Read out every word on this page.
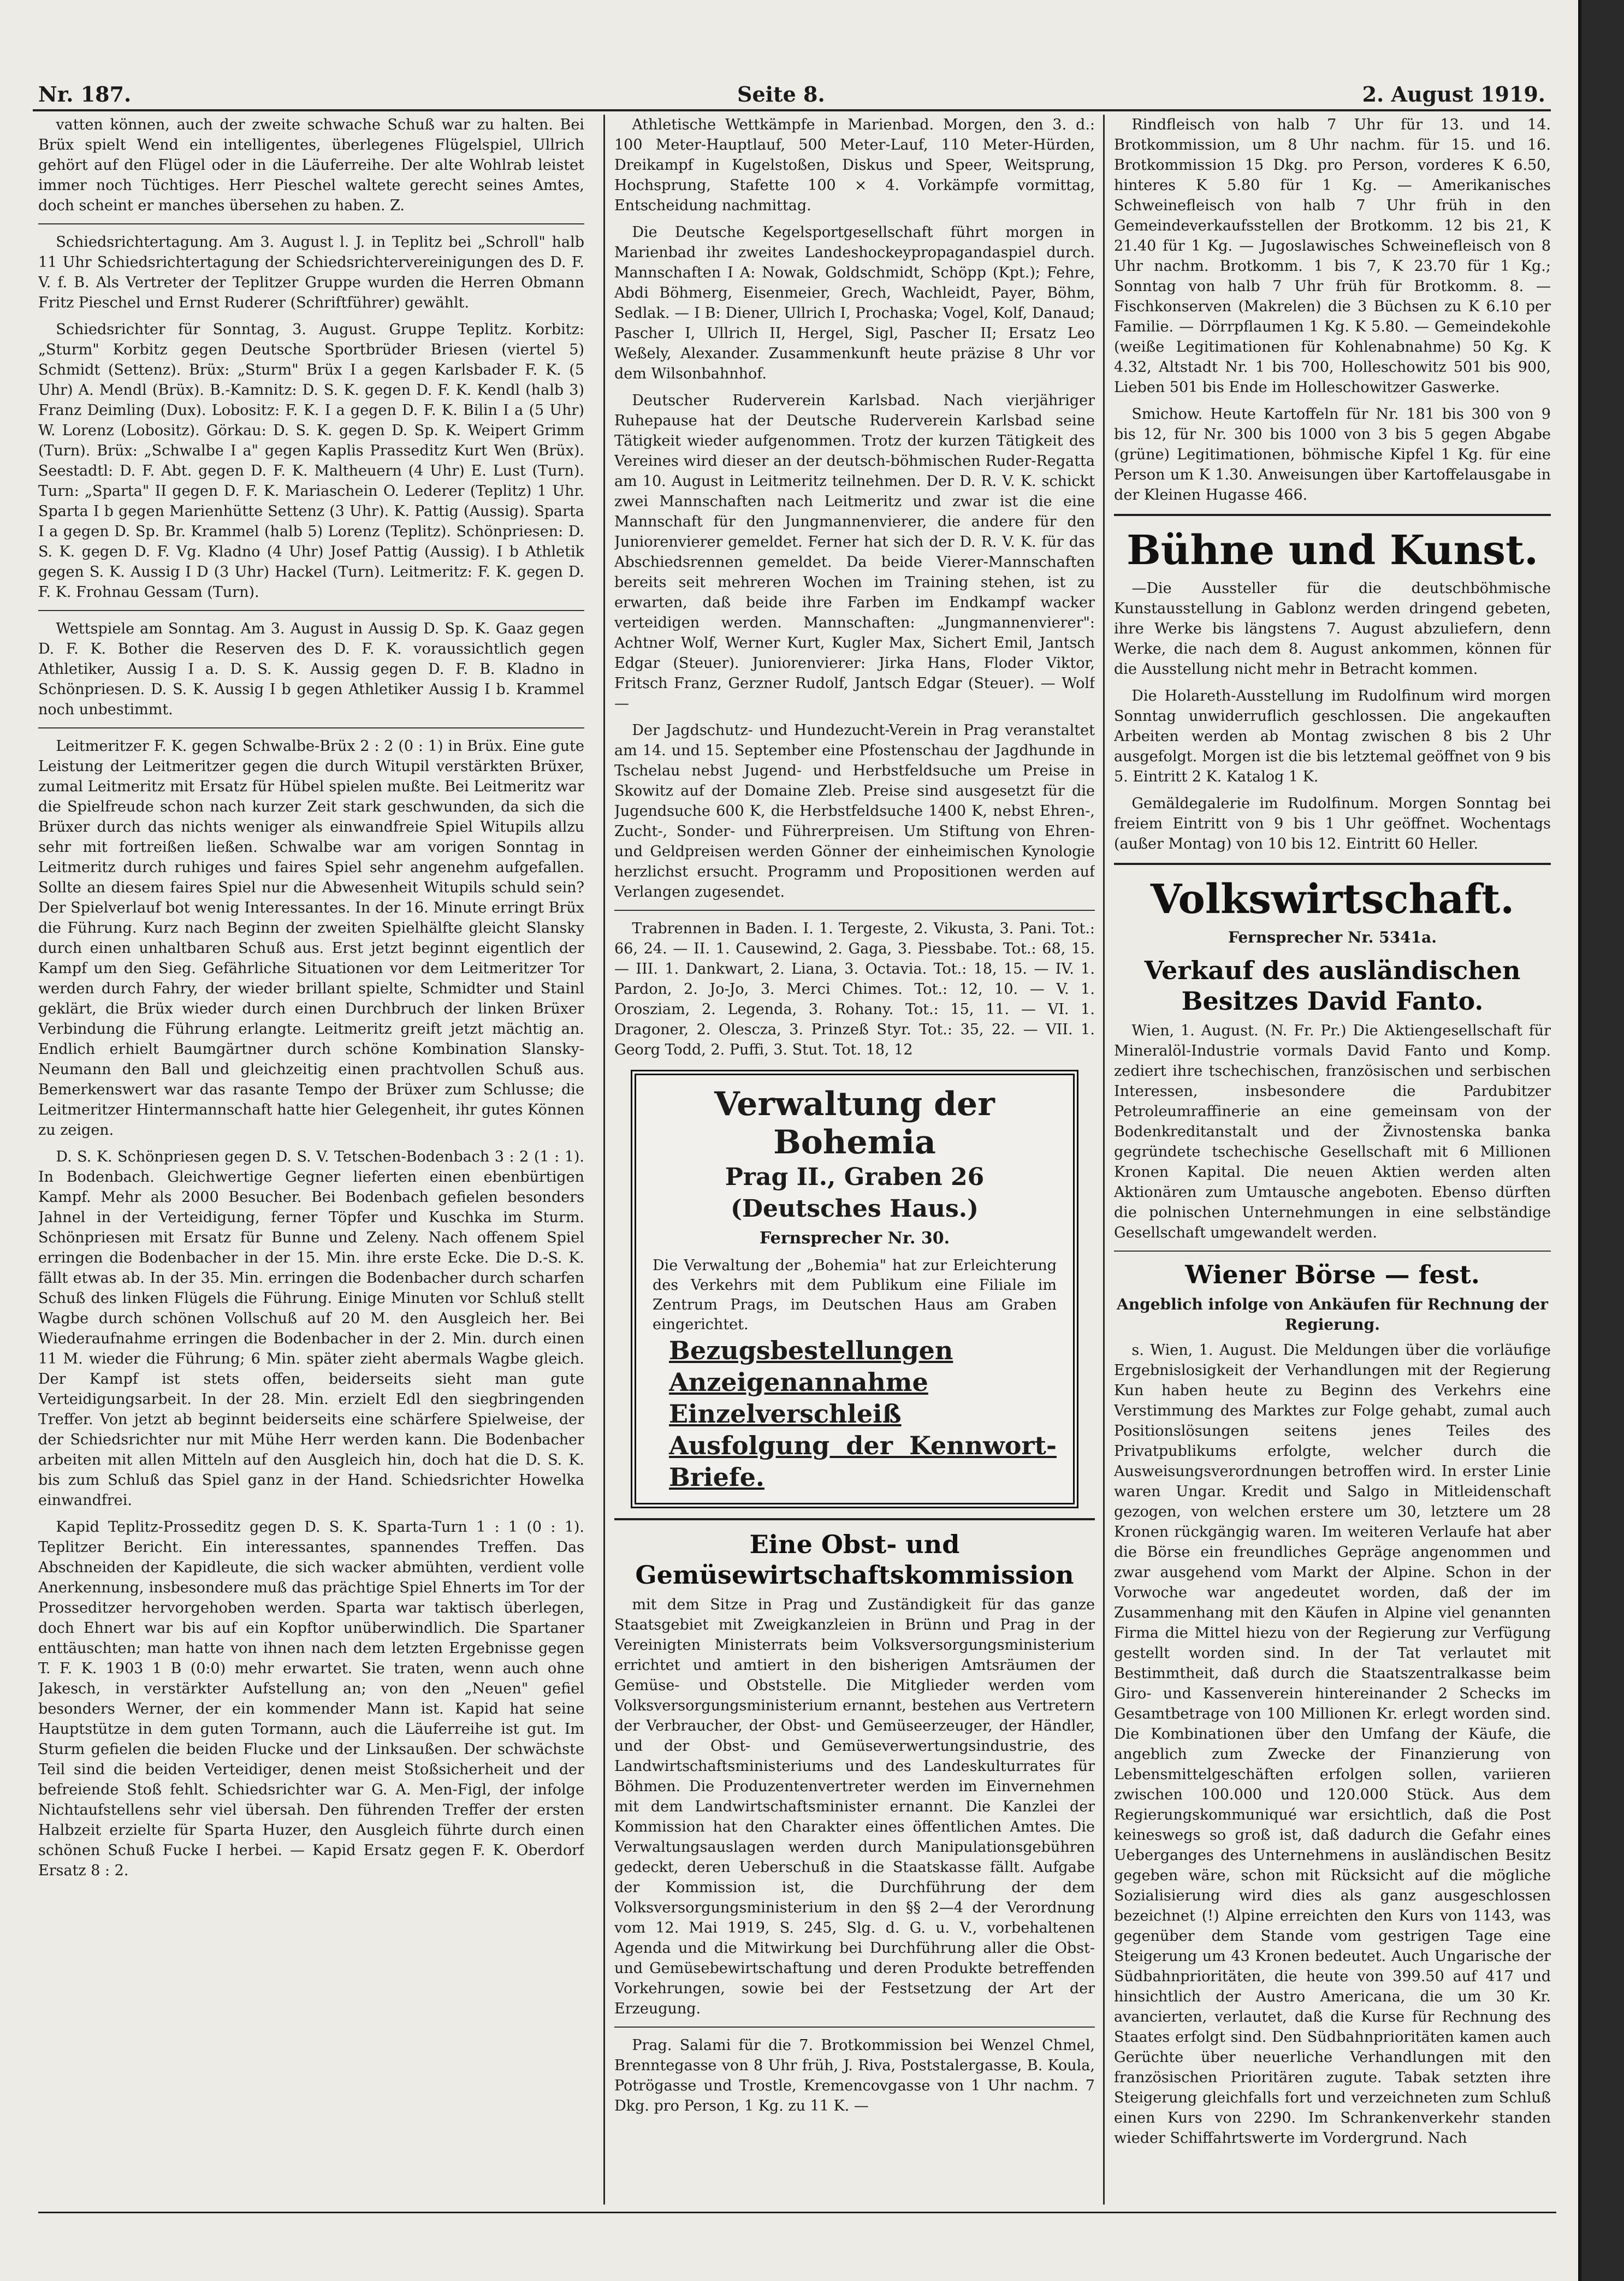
Nr. 187.	Seite 8.	2. August 1919.

vatten können, auch der zweite schwache Schuß war zu halten. Bei Brüx spielt Wend ein intelligentes, überlegenes Flügelspiel, Ullrich gehört auf den Flügel oder in die Läuferreihe. Der alte Wohlrab leistet immer noch Tüchtiges. Herr Pieschel waltete gerecht seines Amtes, doch scheint er manches übersehen zu haben. Z.

Schiedsrichtertagung. Am 3. August l. J. in Teplitz bei „Schroll" halb 11 Uhr Schiedsrichtertagung der Schiedsrichtervereinigungen des D. F. V. f. B. Als Vertreter der Teplitzer Gruppe wurden die Herren Obmann Fritz Pieschel und Ernst Ruderer (Schriftführer) gewählt.

Schiedsrichter für Sonntag, 3. August. Gruppe Teplitz. Korbitz: „Sturm" Korbitz gegen Deutsche Sportbrüder Briesen (viertel 5) Schmidt (Settenz). Brüx: „Sturm" Brüx I a gegen Karlsbader F. K. (5 Uhr) A. Mendl (Brüx). B.-Kamnitz: D. S. K. gegen D. F. K. Kendl (halb 3) Franz Deimling (Dux). Lobositz: F. K. I a gegen D. F. K. Bilin I a (5 Uhr) W. Lorenz (Lobositz). Görkau: D. S. K. gegen D. Sp. K. Weipert Grimm (Turn). Brüx: „Schwalbe I a" gegen Kaplis Prasseditz Kurt Wen (Brüx). Seestadtl: D. F. Abt. gegen D. F. K. Maltheuern (4 Uhr) E. Lust (Turn). Turn: „Sparta" II gegen D. F. K. Mariaschein O. Lederer (Teplitz) 1 Uhr. Sparta I b gegen Marienhütte Settenz (3 Uhr). K. Pattig (Aussig). Sparta I a gegen D. Sp. Br. Krammel (halb 5) Lorenz (Teplitz). Schönpriesen: D. S. K. gegen D. F. Vg. Kladno (4 Uhr) Josef Pattig (Aussig). I b Athletik gegen S. K. Aussig I D (3 Uhr) Hackel (Turn). Leitmeritz: F. K. gegen D. F. K. Frohnau Gessam (Turn).

Wettspiele am Sonntag. Am 3. August in Aussig D. Sp. K. Gaaz gegen D. F. K. Bother die Reserven des D. F. K. voraussichtlich gegen Athletiker, Aussig I a. D. S. K. Aussig gegen D. F. B. Kladno in Schönpriesen. D. S. K. Aussig I b gegen Athletiker Aussig I b. Krammel noch unbestimmt.

Leitmeritzer F. K. gegen Schwalbe-Brüx 2 : 2 (0 : 1) in Brüx. Eine gute Leistung der Leitmeritzer gegen die durch Witupil verstärkten Brüxer, zumal Leitmeritz mit Ersatz für Hübel spielen mußte. Bei Leitmeritz war die Spielfreude schon nach kurzer Zeit stark geschwunden, da sich die Brüxer durch das nichts weniger als einwandfreie Spiel Witupils allzu sehr mit fortreißen ließen. Schwalbe war am vorigen Sonntag in Leitmeritz durch ruhiges und faires Spiel sehr angenehm aufgefallen. Sollte an diesem faires Spiel nur die Abwesenheit Witupils schuld sein? Der Spielverlauf bot wenig Interessantes. In der 16. Minute erringt Brüx die Führung. Kurz nach Beginn der zweiten Spielhälfte gleicht Slansky durch einen unhaltbaren Schuß aus. Erst jetzt beginnt eigentlich der Kampf um den Sieg. Gefährliche Situationen vor dem Leitmeritzer Tor werden durch Fahry, der wieder brillant spielte, Schmidter und Stainl geklärt, die Brüx wieder durch einen Durchbruch der linken Brüxer Verbindung die Führung erlangte. Leitmeritz greift jetzt mächtig an. Endlich erhielt Baumgärtner durch schöne Kombination Slansky-Neumann den Ball und gleichzeitig einen prachtvollen Schuß aus. Bemerkenswert war das rasante Tempo der Brüxer zum Schlusse; die Leitmeritzer Hintermannschaft hatte hier Gelegenheit, ihr gutes Können zu zeigen.

D. S. K. Schönpriesen gegen D. S. V. Tetschen-Bodenbach 3 : 2 (1 : 1). In Bodenbach. Gleichwertige Gegner lieferten einen ebenbürtigen Kampf. Mehr als 2000 Besucher. Bei Bodenbach gefielen besonders Jahnel in der Verteidigung, ferner Töpfer und Kuschka im Sturm. Schönpriesen mit Ersatz für Bunne und Zeleny. Nach offenem Spiel erringen die Bodenbacher in der 15. Min. ihre erste Ecke. Die D.-S. K. fällt etwas ab. In der 35. Min. erringen die Bodenbacher durch scharfen Schuß des linken Flügels die Führung. Einige Minuten vor Schluß stellt Wagbe durch schönen Vollschuß auf 20 M. den Ausgleich her. Bei Wiederaufnahme erringen die Bodenbacher in der 2. Min. durch einen 11 M. wieder die Führung; 6 Min. später zieht abermals Wagbe gleich. Der Kampf ist stets offen, beiderseits sieht man gute Verteidigungsarbeit. In der 28. Min. erzielt Edl den siegbringenden Treffer. Von jetzt ab beginnt beiderseits eine schärfere Spielweise, der der Schiedsrichter nur mit Mühe Herr werden kann. Die Bodenbacher arbeiten mit allen Mitteln auf den Ausgleich hin, doch hat die D. S. K. bis zum Schluß das Spiel ganz in der Hand. Schiedsrichter Howelka einwandfrei.

Kapid Teplitz-Prosseditz gegen D. S. K. Sparta-Turn 1 : 1 (0 : 1). Teplitzer Bericht. Ein interessantes, spannendes Treffen. Das Abschneiden der Kapidleute, die sich wacker abmühten, verdient volle Anerkennung, insbesondere muß das prächtige Spiel Ehnerts im Tor der Prosseditzer hervorgehoben werden. Sparta war taktisch überlegen, doch Ehnert war bis auf ein Kopftor unüberwindlich. Die Spartaner enttäuschten; man hatte von ihnen nach dem letzten Ergebnisse gegen T. F. K. 1903 1 B (0:0) mehr erwartet. Sie traten, wenn auch ohne Jakesch, in verstärkter Aufstellung an; von den „Neuen" gefiel besonders Werner, der ein kommender Mann ist. Kapid hat seine Hauptstütze in dem guten Tormann, auch die Läuferreihe ist gut. Im Sturm gefielen die beiden Flucke und der Linksaußen. Der schwächste Teil sind die beiden Verteidiger, denen meist Stoßsicherheit und der befreiende Stoß fehlt. Schiedsrichter war G. A. Men-Figl, der infolge Nichtaufstellens sehr viel übersah. Den führenden Treffer der ersten Halbzeit erzielte für Sparta Huzer, den Ausgleich führte durch einen schönen Schuß Fucke I herbei. — Kapid Ersatz gegen F. K. Oberdorf Ersatz 8 : 2.

Athletische Wettkämpfe in Marienbad. Morgen, den 3. d.: 100 Meter-Hauptlauf, 500 Meter-Lauf, 110 Meter-Hürden, Dreikampf in Kugelstoßen, Diskus und Speer, Weitsprung, Hochsprung, Stafette 100 × 4. Vorkämpfe vormittag, Entscheidung nachmittag.

Die Deutsche Kegelsportgesellschaft führt morgen in Marienbad ihr zweites Landeshockeypropagandaspiel durch. Mannschaften I A: Nowak, Goldschmidt, Schöpp (Kpt.); Fehre, Abdi Böhmerg, Eisenmeier, Grech, Wachleidt, Payer, Böhm, Sedlak. — I B: Diener, Ullrich I, Prochaska; Vogel, Kolf, Danaud; Pascher I, Ullrich II, Hergel, Sigl, Pascher II; Ersatz Leo Weßely, Alexander. Zusammenkunft heute präzise 8 Uhr vor dem Wilsonbahnhof.

Deutscher Ruderverein Karlsbad. Nach vierjähriger Ruhepause hat der Deutsche Ruderverein Karlsbad seine Tätigkeit wieder aufgenommen. Trotz der kurzen Tätigkeit des Vereines wird dieser an der deutsch-böhmischen Ruder-Regatta am 10. August in Leitmeritz teilnehmen. Der D. R. V. K. schickt zwei Mannschaften nach Leitmeritz und zwar ist die eine Mannschaft für den Jungmannenvierer, die andere für den Juniorenvierer gemeldet. Ferner hat sich der D. R. V. K. für das Abschiedsrennen gemeldet. Da beide Vierer-Mannschaften bereits seit mehreren Wochen im Training stehen, ist zu erwarten, daß beide ihre Farben im Endkampf wacker verteidigen werden. Mannschaften: „Jungmannenvierer": Achtner Wolf, Werner Kurt, Kugler Max, Sichert Emil, Jantsch Edgar (Steuer). Juniorenvierer: Jirka Hans, Floder Viktor, Fritsch Franz, Gerzner Rudolf, Jantsch Edgar (Steuer). — Wolf —

Der Jagdschutz- und Hundezucht-Verein in Prag veranstaltet am 14. und 15. September eine Pfostenschau der Jagdhunde in Tschelau nebst Jugend- und Herbstfeldsuche um Preise in Skowitz auf der Domaine Zleb. Preise sind ausgesetzt für die Jugendsuche 600 K, die Herbstfeldsuche 1400 K, nebst Ehren-, Zucht-, Sonder- und Führerpreisen. Um Stiftung von Ehren- und Geldpreisen werden Gönner der einheimischen Kynologie herzlichst ersucht. Programm und Propositionen werden auf Verlangen zugesendet.

Trabrennen in Baden. I. 1. Tergeste, 2. Vikusta, 3. Pani. Tot.: 66, 24. — II. 1. Causewind, 2. Gaga, 3. Piessbabe. Tot.: 68, 15. — III. 1. Dankwart, 2. Liana, 3. Octavia. Tot.: 18, 15. — IV. 1. Pardon, 2. Jo-Jo, 3. Merci Chimes. Tot.: 12, 10. — V. 1. Orosziam, 2. Legenda, 3. Rohany. Tot.: 15, 11. — VI. 1. Dragoner, 2. Olescza, 3. Prinzeß Styr. Tot.: 35, 22. — VII. 1. Georg Todd, 2. Puffi, 3. Stut. Tot. 18, 12

Verwaltung der Bohemia
Prag II., Graben 26 (Deutsches Haus.)
Fernsprecher Nr. 30.
Die Verwaltung der „Bohemia" hat zur Erleichterung des Verkehrs mit dem Publikum eine Filiale im Zentrum Prags, im Deutschen Haus am Graben eingerichtet.
Bezugsbestellungen
Anzeigenannahme
Einzelverschleiß
Ausfolgung der Kennwort-Briefe.
Eine Obst- und Gemüsewirtschaftskommission

mit dem Sitze in Prag und Zuständigkeit für das ganze Staatsgebiet mit Zweigkanzleien in Brünn und Prag in der Vereinigten Ministerrats beim Volksversorgungsministerium errichtet und amtiert in den bisherigen Amtsräumen der Gemüse- und Obststelle. Die Mitglieder werden vom Volksversorgungsministerium ernannt, bestehen aus Vertretern der Verbraucher, der Obst- und Gemüseerzeuger, der Händler, und der Obst- und Gemüseverwertungsindustrie, des Landwirtschaftsministeriums und des Landeskulturrates für Böhmen. Die Produzentenvertreter werden im Einvernehmen mit dem Landwirtschaftsminister ernannt. Die Kanzlei der Kommission hat den Charakter eines öffentlichen Amtes. Die Verwaltungsauslagen werden durch Manipulationsgebühren gedeckt, deren Ueberschuß in die Staatskasse fällt. Aufgabe der Kommission ist, die Durchführung der dem Volksversorgungsministerium in den §§ 2—4 der Verordnung vom 12. Mai 1919, S. 245, Slg. d. G. u. V., vorbehaltenen Agenda und die Mitwirkung bei Durchführung aller die Obst- und Gemüsebewirtschaftung und deren Produkte betreffenden Vorkehrungen, sowie bei der Festsetzung der Art der Erzeugung.

Prag. Salami für die 7. Brotkommission bei Wenzel Chmel, Brenntegasse von 8 Uhr früh, J. Riva, Poststalergasse, B. Koula, Potrögasse und Trostle, Kremencovgasse von 1 Uhr nachm. 7 Dkg. pro Person, 1 Kg. zu 11 K. —

Rindfleisch von halb 7 Uhr für 13. und 14. Brotkommission, um 8 Uhr nachm. für 15. und 16. Brotkommission 15 Dkg. pro Person, vorderes K 6.50, hinteres K 5.80 für 1 Kg. — Amerikanisches Schweinefleisch von halb 7 Uhr früh in den Gemeindeverkaufsstellen der Brotkomm. 12 bis 21, K 21.40 für 1 Kg. — Jugoslawisches Schweinefleisch von 8 Uhr nachm. Brotkomm. 1 bis 7, K 23.70 für 1 Kg.; Sonntag von halb 7 Uhr früh für Brotkomm. 8. — Fischkonserven (Makrelen) die 3 Büchsen zu K 6.10 per Familie. — Dörrpflaumen 1 Kg. K 5.80. — Gemeindekohle (weiße Legitimationen für Kohlenabnahme) 50 Kg. K 4.32, Altstadt Nr. 1 bis 700, Holleschowitz 501 bis 900, Lieben 501 bis Ende im Holleschowitzer Gaswerke.

Smichow. Heute Kartoffeln für Nr. 181 bis 300 von 9 bis 12, für Nr. 300 bis 1000 von 3 bis 5 gegen Abgabe (grüne) Legitimationen, böhmische Kipfel 1 Kg. für eine Person um K 1.30. Anweisungen über Kartoffelausgabe in der Kleinen Hugasse 466.

Bühne und Kunst.

—Die Aussteller für die deutschböhmische Kunstausstellung in Gablonz werden dringend gebeten, ihre Werke bis längstens 7. August abzuliefern, denn Werke, die nach dem 8. August ankommen, können für die Ausstellung nicht mehr in Betracht kommen.

Die Holareth-Ausstellung im Rudolfinum wird morgen Sonntag unwiderruflich geschlossen. Die angekauften Arbeiten werden ab Montag zwischen 8 bis 2 Uhr ausgefolgt. Morgen ist die bis letztemal geöffnet von 9 bis 5. Eintritt 2 K. Katalog 1 K.

Gemäldegalerie im Rudolfinum. Morgen Sonntag bei freiem Eintritt von 9 bis 1 Uhr geöffnet. Wochentags (außer Montag) von 10 bis 12. Eintritt 60 Heller.

Volkswirtschaft.
Fernsprecher Nr. 5341a.
Verkauf des ausländischen Besitzes David Fanto.

Wien, 1. August. (N. Fr. Pr.) Die Aktiengesellschaft für Mineralöl-Industrie vormals David Fanto und Komp. zediert ihre tschechischen, französischen und serbischen Interessen, insbesondere die Pardubitzer Petroleumraffinerie an eine gemeinsam von der Bodenkreditanstalt und der Živnostenska banka gegründete tschechische Gesellschaft mit 6 Millionen Kronen Kapital. Die neuen Aktien werden alten Aktionären zum Umtausche angeboten. Ebenso dürften die polnischen Unternehmungen in eine selbständige Gesellschaft umgewandelt werden.

Wiener Börse — fest.
Angeblich infolge von Ankäufen für Rechnung der Regierung.

s. Wien, 1. August. Die Meldungen über die vorläufige Ergebnislosigkeit der Verhandlungen mit der Regierung Kun haben heute zu Beginn des Verkehrs eine Verstimmung des Marktes zur Folge gehabt, zumal auch Positionslösungen seitens jenes Teiles des Privatpublikums erfolgte, welcher durch die Ausweisungsverordnungen betroffen wird. In erster Linie waren Ungar. Kredit und Salgo in Mitleidenschaft gezogen, von welchen erstere um 30, letztere um 28 Kronen rückgängig waren. Im weiteren Verlaufe hat aber die Börse ein freundliches Gepräge angenommen und zwar ausgehend vom Markt der Alpine. Schon in der Vorwoche war angedeutet worden, daß der im Zusammenhang mit den Käufen in Alpine viel genannten Firma die Mittel hiezu von der Regierung zur Verfügung gestellt worden sind. In der Tat verlautet mit Bestimmtheit, daß durch die Staatszentralkasse beim Giro- und Kassenverein hintereinander 2 Schecks im Gesamtbetrage von 100 Millionen Kr. erlegt worden sind. Die Kombinationen über den Umfang der Käufe, die angeblich zum Zwecke der Finanzierung von Lebensmittelgeschäften erfolgen sollen, variieren zwischen 100.000 und 120.000 Stück. Aus dem Regierungskommuniqué war ersichtlich, daß die Post keineswegs so groß ist, daß dadurch die Gefahr eines Ueberganges des Unternehmens in ausländischen Besitz gegeben wäre, schon mit Rücksicht auf die mögliche Sozialisierung wird dies als ganz ausgeschlossen bezeichnet (!) Alpine erreichten den Kurs von 1143, was gegenüber dem Stande vom gestrigen Tage eine Steigerung um 43 Kronen bedeutet. Auch Ungarische der Südbahnprioritäten, die heute von 399.50 auf 417 und hinsichtlich der Austro Americana, die um 30 Kr. avancierten, verlautet, daß die Kurse für Rechnung des Staates erfolgt sind. Den Südbahnprioritäten kamen auch Gerüchte über neuerliche Verhandlungen mit den französischen Prioritären zugute. Tabak setzten ihre Steigerung gleichfalls fort und verzeichneten zum Schluß einen Kurs von 2290. Im Schrankenverkehr standen wieder Schiffahrtswerte im Vordergrund. Nach
